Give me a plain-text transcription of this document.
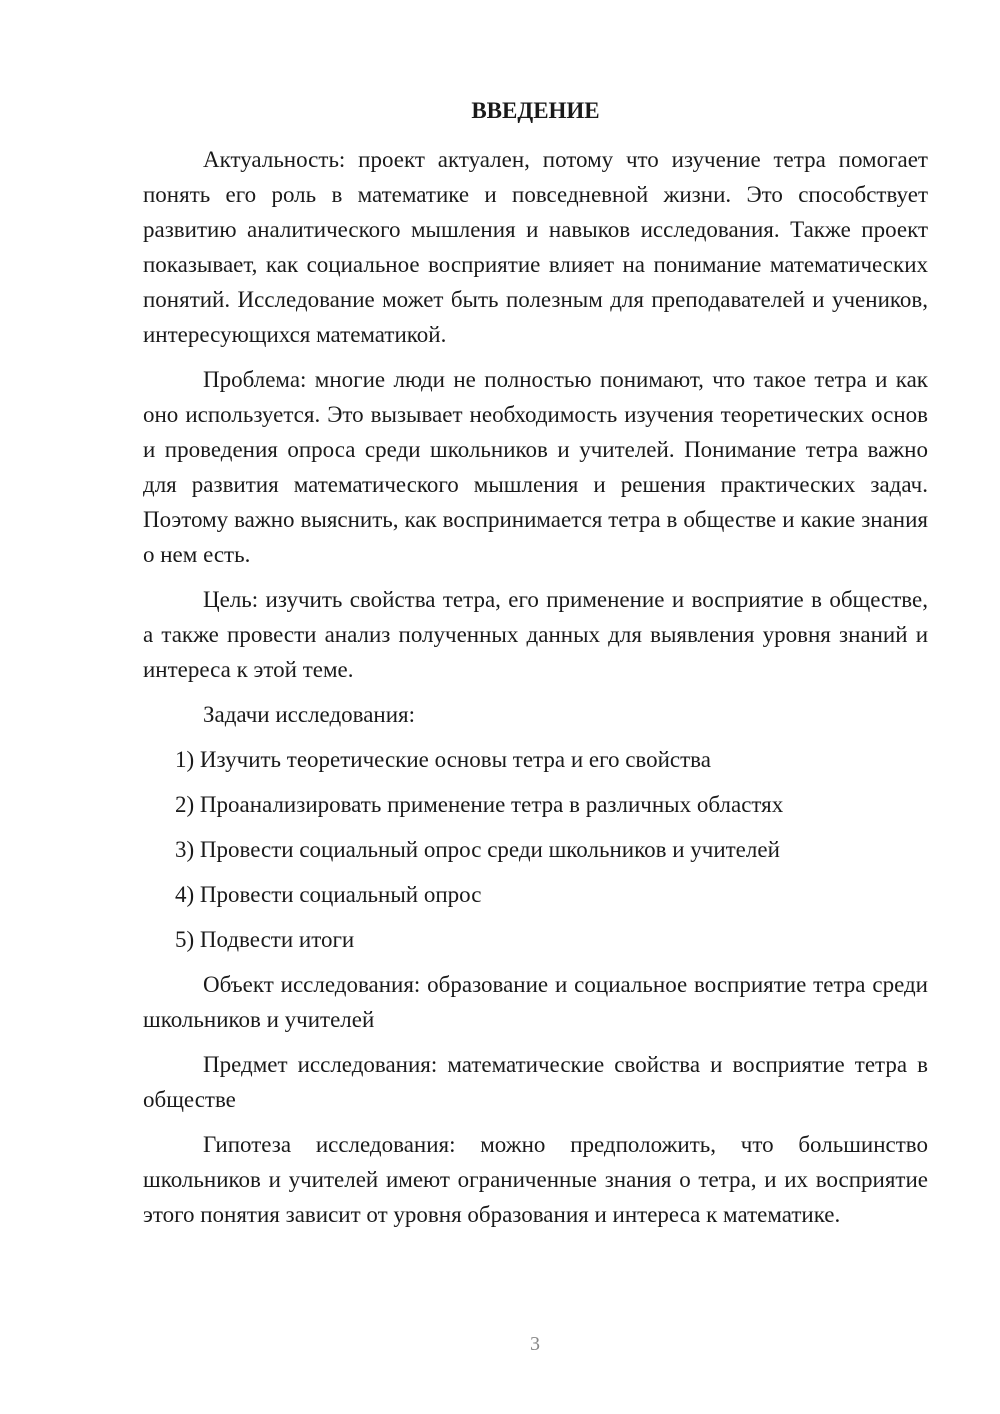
ВВЕДЕНИЕ

Актуальность: проект актуален, потому что изучение тетра помогает понять его роль в математике и повседневной жизни. Это способствует развитию аналитического мышления и навыков исследования. Также проект показывает, как социальное восприятие влияет на понимание математических понятий. Исследование может быть полезным для преподавателей и учеников, интересующихся математикой.

Проблема: многие люди не полностью понимают, что такое тетра и как оно используется. Это вызывает необходимость изучения теоретических основ и проведения опроса среди школьников и учителей. Понимание тетра важно для развития математического мышления и решения практических задач. Поэтому важно выяснить, как воспринимается тетра в обществе и какие знания о нем есть.

Цель: изучить свойства тетра, его применение и восприятие в обществе, а также провести анализ полученных данных для выявления уровня знаний и интереса к этой теме.

Задачи исследования:

1) Изучить теоретические основы тетра и его свойства

2) Проанализировать применение тетра в различных областях

3) Провести социальный опрос среди школьников и учителей

4) Провести социальный опрос

5) Подвести итоги

Объект исследования: образование и социальное восприятие тетра среди школьников и учителей

Предмет исследования: математические свойства и восприятие тетра в обществе

Гипотеза исследования: можно предположить, что большинство школьников и учителей имеют ограниченные знания о тетра, и их восприятие этого понятия зависит от уровня образования и интереса к математике.

3
